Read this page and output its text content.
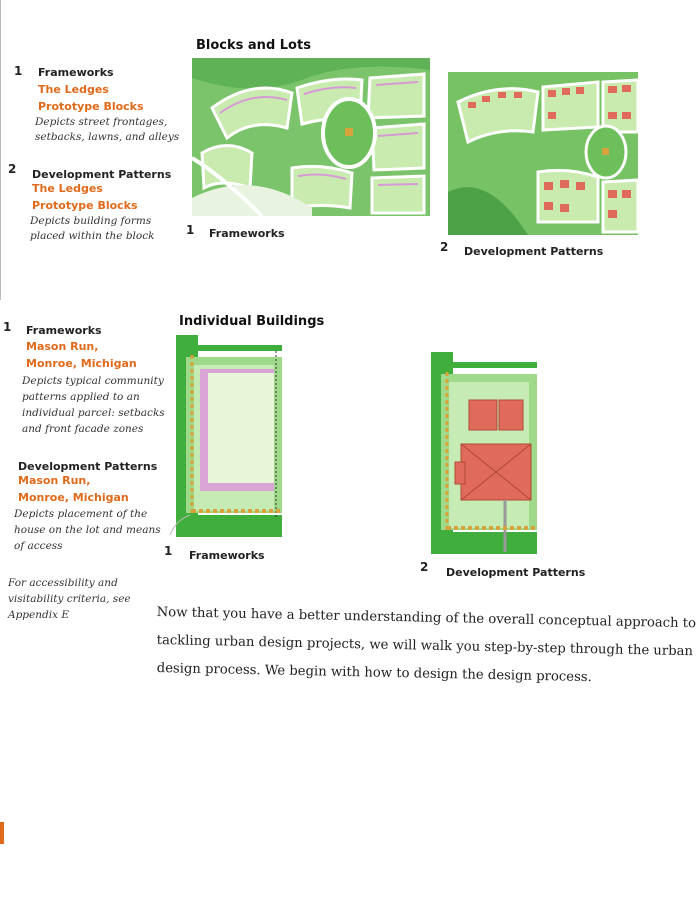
1 Frameworks
The Ledges
Prototype Blocks
Depicts street frontages,
setbacks, lawns, and alleys
2 Development Patterns
The Ledges
Prototype Blocks
Depicts building forms
placed within the block
1 Frameworks
Mason Run,
Monroe, Michigan
Depicts typical community
patterns applied to an
individual parcel: setbacks
and front facade zones
Development Patterns
Mason Run,
Monroe, Michigan
Depicts placement of the
house on the lot and means
of access
For accessibility and
visitability criteria, see
Appendix E
Blocks and Lots
1 Frameworks
2 Development Patterns
Individual Buildings
1 Frameworks
2 Development Patterns
Now that you have a better understanding of the overall conceptual approach to
tackling urban design projects, we will walk you step-by-step through the urban
design process. We begin with how to design the design process.
